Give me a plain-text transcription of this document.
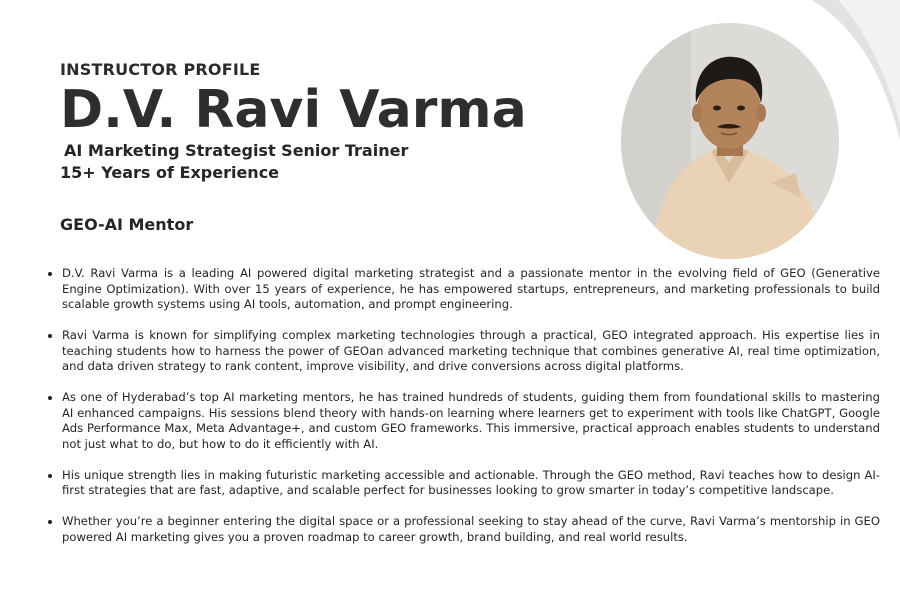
INSTRUCTOR PROFILE
D.V. Ravi Varma
AI Marketing Strategist Senior Trainer
15+ Years of Experience
GEO-AI Mentor
• D.V. Ravi Varma is a leading AI powered digital marketing strategist and a passionate mentor in the evolving field of GEO (Generative Engine Optimization). With over 15 years of experience, he has empowered startups, entrepreneurs, and marketing professionals to build scalable growth systems using AI tools, automation, and prompt engineering.
• Ravi Varma is known for simplifying complex marketing technologies through a practical, GEO integrated approach. His expertise lies in teaching students how to harness the power of GEOan advanced marketing technique that combines generative AI, real time optimization, and data driven strategy to rank content, improve visibility, and drive conversions across digital platforms.
• As one of Hyderabad’s top AI marketing mentors, he has trained hundreds of students, guiding them from foundational skills to mastering AI enhanced campaigns. His sessions blend theory with hands-on learning where learners get to experiment with tools like ChatGPT, Google Ads Performance Max, Meta Advantage+, and custom GEO frameworks. This immersive, practical approach enables students to understand not just what to do, but how to do it efficiently with AI.
• His unique strength lies in making futuristic marketing accessible and actionable. Through the GEO method, Ravi teaches how to design AI-first strategies that are fast, adaptive, and scalable perfect for businesses looking to grow smarter in today’s competitive landscape.
• Whether you’re a beginner entering the digital space or a professional seeking to stay ahead of the curve, Ravi Varma’s mentorship in GEO powered AI marketing gives you a proven roadmap to career growth, brand building, and real world results.
